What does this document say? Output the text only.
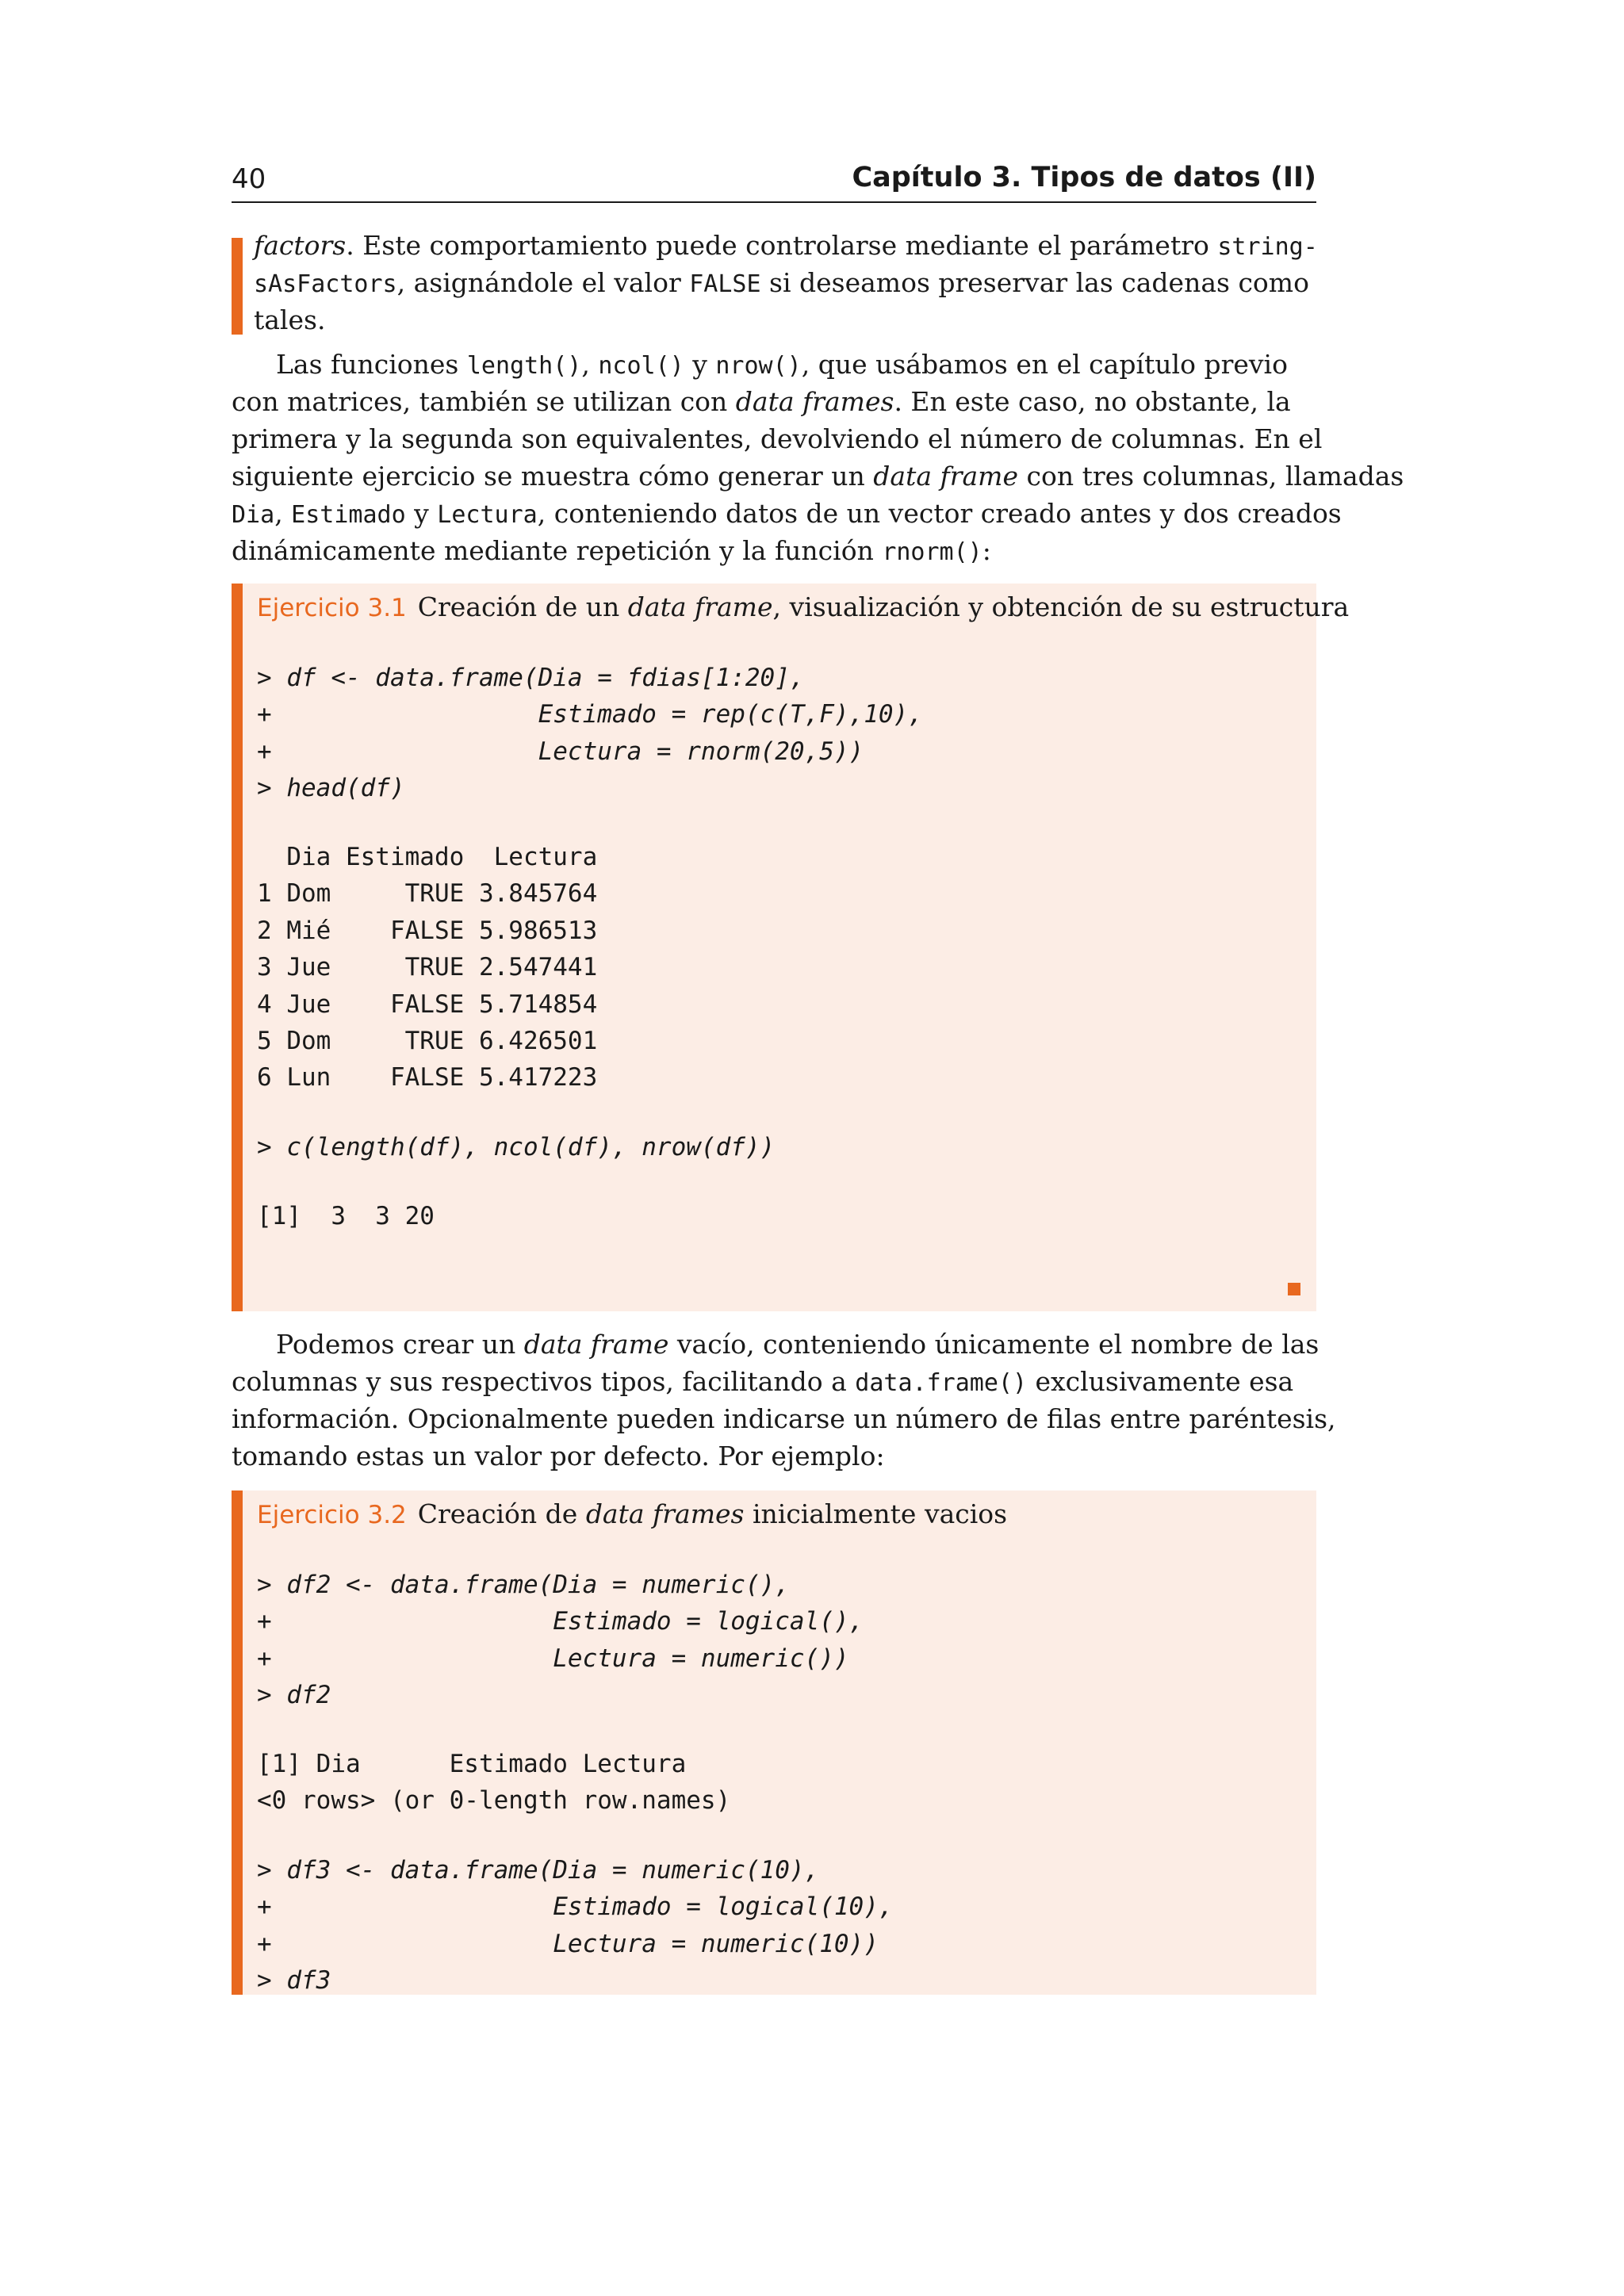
40	Capítulo 3. Tipos de datos (II)
factors. Este comportamiento puede controlarse mediante el parámetro string-
sAsFactors, asignándole el valor FALSE si deseamos preservar las cadenas como
tales.
Las funciones length(), ncol() y nrow(), que usábamos en el capítulo previo
con matrices, también se utilizan con data frames. En este caso, no obstante, la
primera y la segunda son equivalentes, devolviendo el número de columnas. En el
siguiente ejercicio se muestra cómo generar un data frame con tres columnas, llamadas
Dia, Estimado y Lectura, conteniendo datos de un vector creado antes y dos creados
dinámicamente mediante repetición y la función rnorm():
Ejercicio 3.1 Creación de un data frame, visualización y obtención de su estructura
> df <- data.frame(Dia = fdias[1:20],
+                  Estimado = rep(c(T,F),10),
+                  Lectura = rnorm(20,5))
> head(df)
Dia Estimado  Lectura
1 Dom     TRUE 3.845764
2 Mié    FALSE 5.986513
3 Jue     TRUE 2.547441
4 Jue    FALSE 5.714854
5 Dom     TRUE 6.426501
6 Lun    FALSE 5.417223
> c(length(df), ncol(df), nrow(df))
[1]  3  3 20
Podemos crear un data frame vacío, conteniendo únicamente el nombre de las
columnas y sus respectivos tipos, facilitando a data.frame() exclusivamente esa
información. Opcionalmente pueden indicarse un número de filas entre paréntesis,
tomando estas un valor por defecto. Por ejemplo:
Ejercicio 3.2 Creación de data frames inicialmente vacios
> df2 <- data.frame(Dia = numeric(),
+                   Estimado = logical(),
+                   Lectura = numeric())
> df2
[1] Dia      Estimado Lectura
<0 rows> (or 0-length row.names)
> df3 <- data.frame(Dia = numeric(10),
+                   Estimado = logical(10),
+                   Lectura = numeric(10))
> df3
